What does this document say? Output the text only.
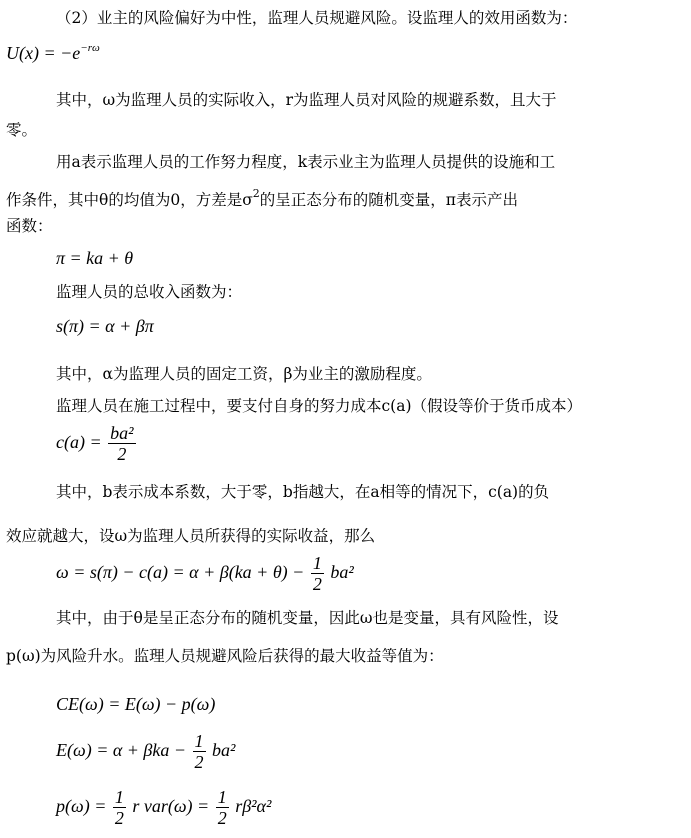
（2）业主的风险偏好为中性，监理人员规避风险。设监理人的效用函数为：
$U(x) = -e^{-r\omega}$
其中，ω为监理人员的实际收入，r为监理人员对风险的规避系数，且大于
零。
用a表示监理人员的工作努力程度，k表示业主为监理人员提供的设施和工
作条件，其中θ的均值为0，方差是$\sigma^2$的呈正态分布的随机变量，π表示产出
函数：
π = ka + θ
监理人员的总收入函数为：
s(π) = α + βπ
其中，α为监理人员的固定工资，β为业主的激励程度。
监理人员在施工过程中，要支付自身的努力成本c(a)（假设等价于货币成本）
$c(a) = \frac{\text{ba²}}{2}$
其中，b表示成本系数，大于零，b指越大，在a相等的情况下，c(a)的负
效应就越大，设ω为监理人员所获得的实际收益，那么
$\omega = s(\pi) - c(a) = \alpha + \beta(ka + \theta) - \frac{1}{2} ba^2$
其中，由于θ是呈正态分布的随机变量，因此ω也是变量，具有风险性，设
p(ω)为风险升水。监理人员规避风险后获得的最大收益等值为：
CE(ω) = E(ω) − p(ω)
$E(\omega) = \alpha + \beta ka - \frac{1}{2} ba^2$
$p(\omega) = \frac{1}{2}$ r $var(\omega) = \frac{1}{2} r\beta^2\alpha^2$
